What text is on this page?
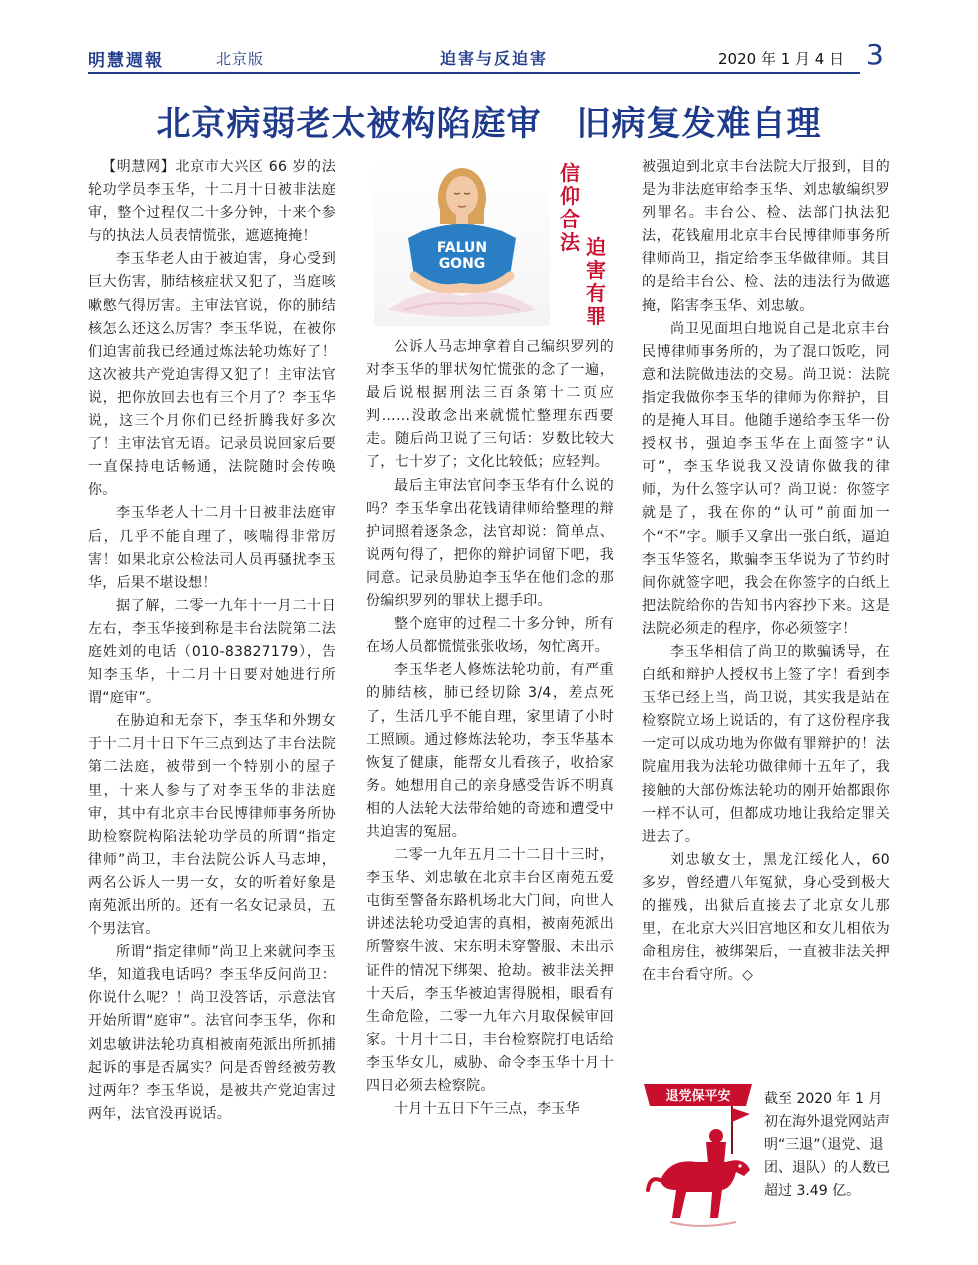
明慧週報	北京版	迫害与反迫害	2020 年 1 月 4 日 3
北京病弱老太被构陷庭审　旧病复发难自理

【明慧网】北京市大兴区 66 岁的法轮功学员李玉华，十二月十日被非法庭审，整个过程仅二十多分钟，十来个参与的执法人员表情慌张，遮遮掩掩！

李玉华老人由于被迫害，身心受到巨大伤害，肺结核症状又犯了，当庭咳嗽憋气得厉害。主审法官说，你的肺结核怎么还这么厉害？李玉华说，在被你们迫害前我已经通过炼法轮功炼好了！这次被共产党迫害得又犯了！主审法官说，把你放回去也有三个月了？李玉华说，这三个月你们已经折腾我好多次了！主审法官无语。记录员说回家后要一直保持电话畅通，法院随时会传唤你。

李玉华老人十二月十日被非法庭审后，几乎不能自理了，咳喘得非常厉害！如果北京公检法司人员再骚扰李玉华，后果不堪设想！

据了解，二零一九年十一月二十日左右，李玉华接到称是丰台法院第二法庭姓刘的电话（010-83827179），告知李玉华，十二月十日要对她进行所谓“庭审”。

在胁迫和无奈下，李玉华和外甥女于十二月十日下午三点到达了丰台法院第二法庭，被带到一个特别小的屋子里，十来人参与了对李玉华的非法庭审，其中有北京丰台民博律师事务所协助检察院构陷法轮功学员的所谓“指定律师”尚卫，丰台法院公诉人马志坤，两名公诉人一男一女，女的听着好象是南苑派出所的。还有一名女记录员，五个男法官。

所谓“指定律师”尚卫上来就问李玉华，知道我电话吗？李玉华反问尚卫：你说什么呢？！尚卫没答话，示意法官开始所谓“庭审”。法官问李玉华，你和刘忠敏讲法轮功真相被南苑派出所抓捕起诉的事是否属实？问是否曾经被劳教过两年？李玉华说，是被共产党迫害过两年，法官没再说话。

FALUN
GONG
信仰合法 迫害有罪

公诉人马志坤拿着自己编织罗列的对李玉华的罪状匆忙慌张的念了一遍，最后说根据刑法三百条第十二页应判……没敢念出来就慌忙整理东西要走。随后尚卫说了三句话：岁数比较大了，七十岁了；文化比较低；应轻判。

最后主审法官问李玉华有什么说的吗？李玉华拿出花钱请律师给整理的辩护词照着逐条念，法官却说：简单点、说两句得了，把你的辩护词留下吧，我同意。记录员胁迫李玉华在他们念的那份编织罗列的罪状上摁手印。

整个庭审的过程二十多分钟，所有在场人员都慌慌张张收场，匆忙离开。

李玉华老人修炼法轮功前，有严重的肺结核，肺已经切除 3/4，差点死了，生活几乎不能自理，家里请了小时工照顾。通过修炼法轮功，李玉华基本恢复了健康，能帮女儿看孩子，收拾家务。她想用自己的亲身感受告诉不明真相的人法轮大法带给她的奇迹和遭受中共迫害的冤屈。

二零一九年五月二十二日十三时，李玉华、刘忠敏在北京丰台区南苑五爱屯街至警备东路机场北大门间，向世人讲述法轮功受迫害的真相，被南苑派出所警察牛波、宋东明未穿警服、未出示证件的情况下绑架、抢劫。被非法关押十天后，李玉华被迫害得脱相，眼看有生命危险，二零一九年六月取保候审回家。十月十二日，丰台检察院打电话给李玉华女儿，威胁、命令李玉华十月十四日必须去检察院。

十月十五日下午三点，李玉华

被强迫到北京丰台法院大厅报到，目的是为非法庭审给李玉华、刘忠敏编织罗列罪名。丰台公、检、法部门执法犯法，花钱雇用北京丰台民博律师事务所律师尚卫，指定给李玉华做律师。其目的是给丰台公、检、法的违法行为做遮掩，陷害李玉华、刘忠敏。

尚卫见面坦白地说自己是北京丰台民博律师事务所的，为了混口饭吃，同意和法院做违法的交易。尚卫说：法院指定我做你李玉华的律师为你辩护，目的是掩人耳目。他随手递给李玉华一份授权书，强迫李玉华在上面签字“认可”，李玉华说我又没请你做我的律师，为什么签字认可？尚卫说：你签字就是了，我在你的“认可”前面加一个“不”字。顺手又拿出一张白纸，逼迫李玉华签名，欺骗李玉华说为了节约时间你就签字吧，我会在你签字的白纸上把法院给你的告知书内容抄下来。这是法院必须走的程序，你必须签字！

李玉华相信了尚卫的欺骗诱导，在白纸和辩护人授权书上签了字！看到李玉华已经上当，尚卫说，其实我是站在检察院立场上说话的，有了这份程序我一定可以成功地为你做有罪辩护的！法院雇用我为法轮功做律师十五年了，我接触的大部份炼法轮功的刚开始都跟你一样不认可，但都成功地让我给定罪关进去了。

刘忠敏女士，黑龙江绥化人，60 多岁，曾经遭八年冤狱，身心受到极大的摧残，出狱后直接去了北京女儿那里，在北京大兴旧宫地区和女儿相依为命租房住，被绑架后，一直被非法关押在丰台看守所。◇

退党保平安 截至 2020 年 1 月初在海外退党网站声明“三退”（退党、退团、退队）的人数已超过 3.49 亿。
